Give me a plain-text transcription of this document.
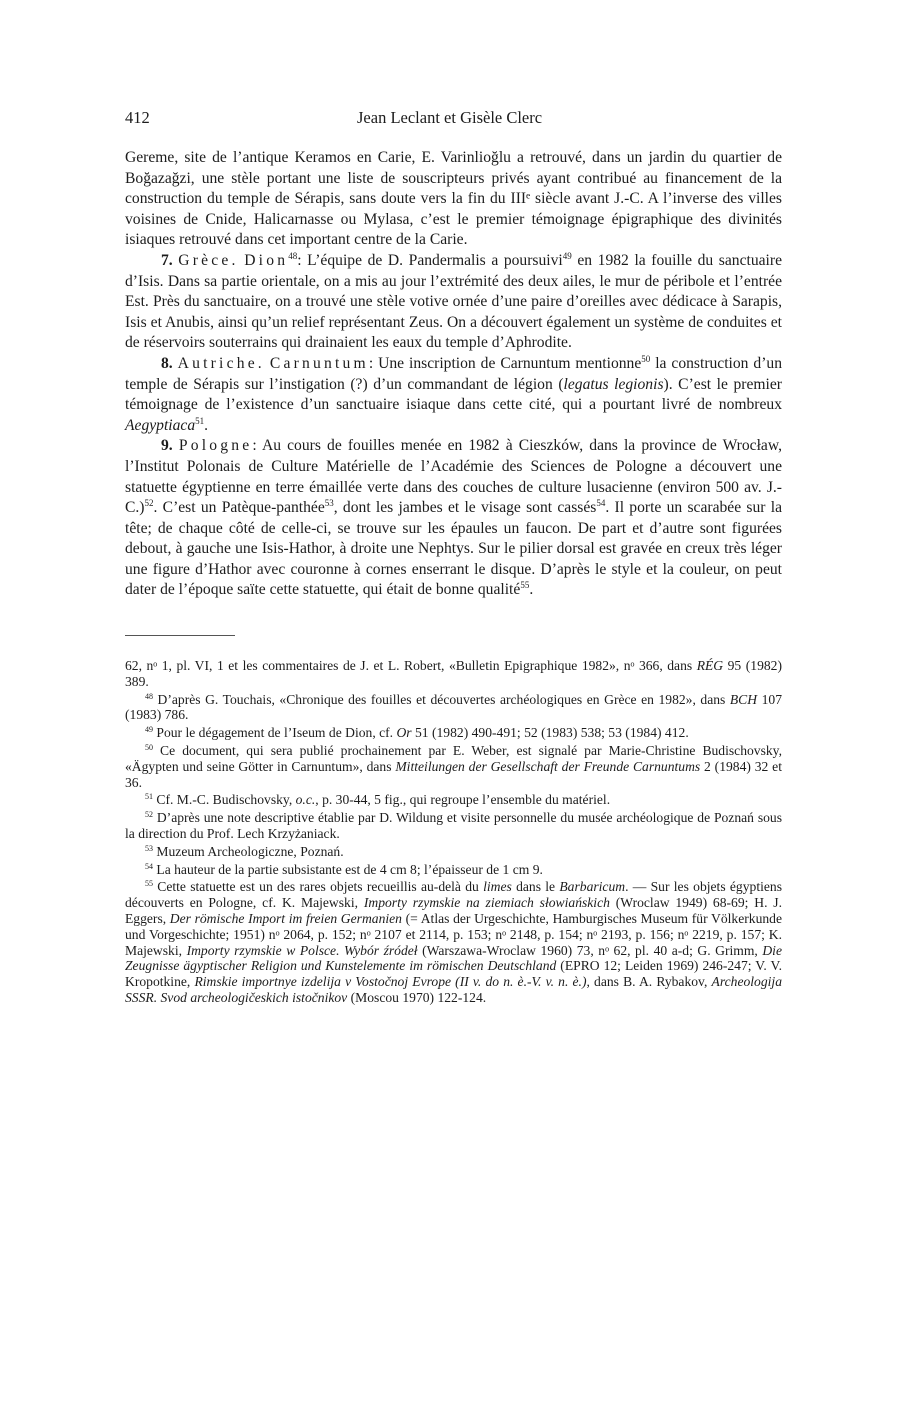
412	Jean Leclant et Gisèle Clerc

Gereme, site de l’antique Keramos en Carie, E. Varinlioğlu a retrouvé, dans un jardin du quartier de Boğazağzi, une stèle portant une liste de souscripteurs privés ayant contribué au financement de la construction du temple de Sérapis, sans doute vers la fin du IIIᵉ siècle avant J.-C. A l’inverse des villes voisines de Cnide, Halicarnasse ou Mylasa, c’est le premier témoignage épigraphique des divinités isiaques retrouvé dans cet important centre de la Carie.

7. Grèce. Dion$^{48}$: L’équipe de D. Pandermalis a poursuivi$^{49}$ en 1982 la fouille du sanctuaire d’Isis. Dans sa partie orientale, on a mis au jour l’extrémité des deux ailes, le mur de péribole et l’entrée Est. Près du sanctuaire, on a trouvé une stèle votive ornée d’une paire d’oreilles avec dédicace à Sarapis, Isis et Anubis, ainsi qu’un relief représentant Zeus. On a découvert également un système de conduites et de réservoirs souterrains qui drainaient les eaux du temple d’Aphrodite.

8. Autriche. Carnuntum: Une inscription de Carnuntum mentionne$^{50}$ la construction d’un temple de Sérapis sur l’instigation (?) d’un commandant de légion (legatus legionis). C’est le premier témoignage de l’existence d’un sanctuaire isiaque dans cette cité, qui a pourtant livré de nombreux Aegyptiaca$^{51}$.

9. Pologne: Au cours de fouilles menée en 1982 à Cieszków, dans la province de Wrocław, l’Institut Polonais de Culture Matérielle de l’Académie des Sciences de Pologne a découvert une statuette égyptienne en terre émaillée verte dans des couches de culture lusacienne (environ 500 av. J.-C.)$^{52}$. C’est un Patèque-panthée$^{53}$, dont les jambes et le visage sont cassés$^{54}$. Il porte un scarabée sur la tête; de chaque côté de celle-ci, se trouve sur les épaules un faucon. De part et d’autre sont figurées debout, à gauche une Isis-Hathor, à droite une Nephtys. Sur le pilier dorsal est gravée en creux très léger une figure d’Hathor avec couronne à cornes enserrant le disque. D’après le style et la couleur, on peut dater de l’époque saïte cette statuette, qui était de bonne qualité$^{55}$.

62, nᵒ 1, pl. VI, 1 et les commentaires de J. et L. Robert, «Bulletin Epigraphique 1982», nᵒ 366, dans RÉG 95 (1982) 389.

$^{48}$ D’après G. Touchais, «Chronique des fouilles et découvertes archéologiques en Grèce en 1982», dans BCH 107 (1983) 786.

$^{49}$ Pour le dégagement de l’Iseum de Dion, cf. Or 51 (1982) 490-491; 52 (1983) 538; 53 (1984) 412.

$^{50}$ Ce document, qui sera publié prochainement par E. Weber, est signalé par Marie-Christine Budischovsky, «Ägypten und seine Götter in Carnuntum», dans Mitteilungen der Gesellschaft der Freunde Carnuntums 2 (1984) 32 et 36.

$^{51}$ Cf. M.-C. Budischovsky, o.c., p. 30-44, 5 fig., qui regroupe l’ensemble du matériel.

$^{52}$ D’après une note descriptive établie par D. Wildung et visite personnelle du musée archéologique de Poznań sous la direction du Prof. Lech Krzyżaniack.

$^{53}$ Muzeum Archeologiczne, Poznań.

$^{54}$ La hauteur de la partie subsistante est de 4 cm 8; l’épaisseur de 1 cm 9.

$^{55}$ Cette statuette est un des rares objets recueillis au-delà du limes dans le Barbaricum. — Sur les objets égyptiens découverts en Pologne, cf. K. Majewski, Importy rzymskie na ziemiach słowiańskich (Wroclaw 1949) 68-69; H. J. Eggers, Der römische Import im freien Germanien (= Atlas der Urgeschichte, Hamburgisches Museum für Völkerkunde und Vorgeschichte; 1951) nᵒ 2064, p. 152; nᵒ 2107 et 2114, p. 153; nᵒ 2148, p. 154; nᵒ 2193, p. 156; nᵒ 2219, p. 157; K. Majewski, Importy rzymskie w Polsce. Wybór źródeł (Warszawa-Wroclaw 1960) 73, nᵒ 62, pl. 40 a-d; G. Grimm, Die Zeugnisse ägyptischer Religion und Kunstelemente im römischen Deutschland (EPRO 12; Leiden 1969) 246-247; V. V. Kropotkine, Rimskie importnye izdelija v Vostočnoj Evrope (II v. do n. è.-V. v. n. è.), dans B. A. Rybakov, Archeologija SSSR. Svod archeologičeskich istočnikov (Moscou 1970) 122-124.
